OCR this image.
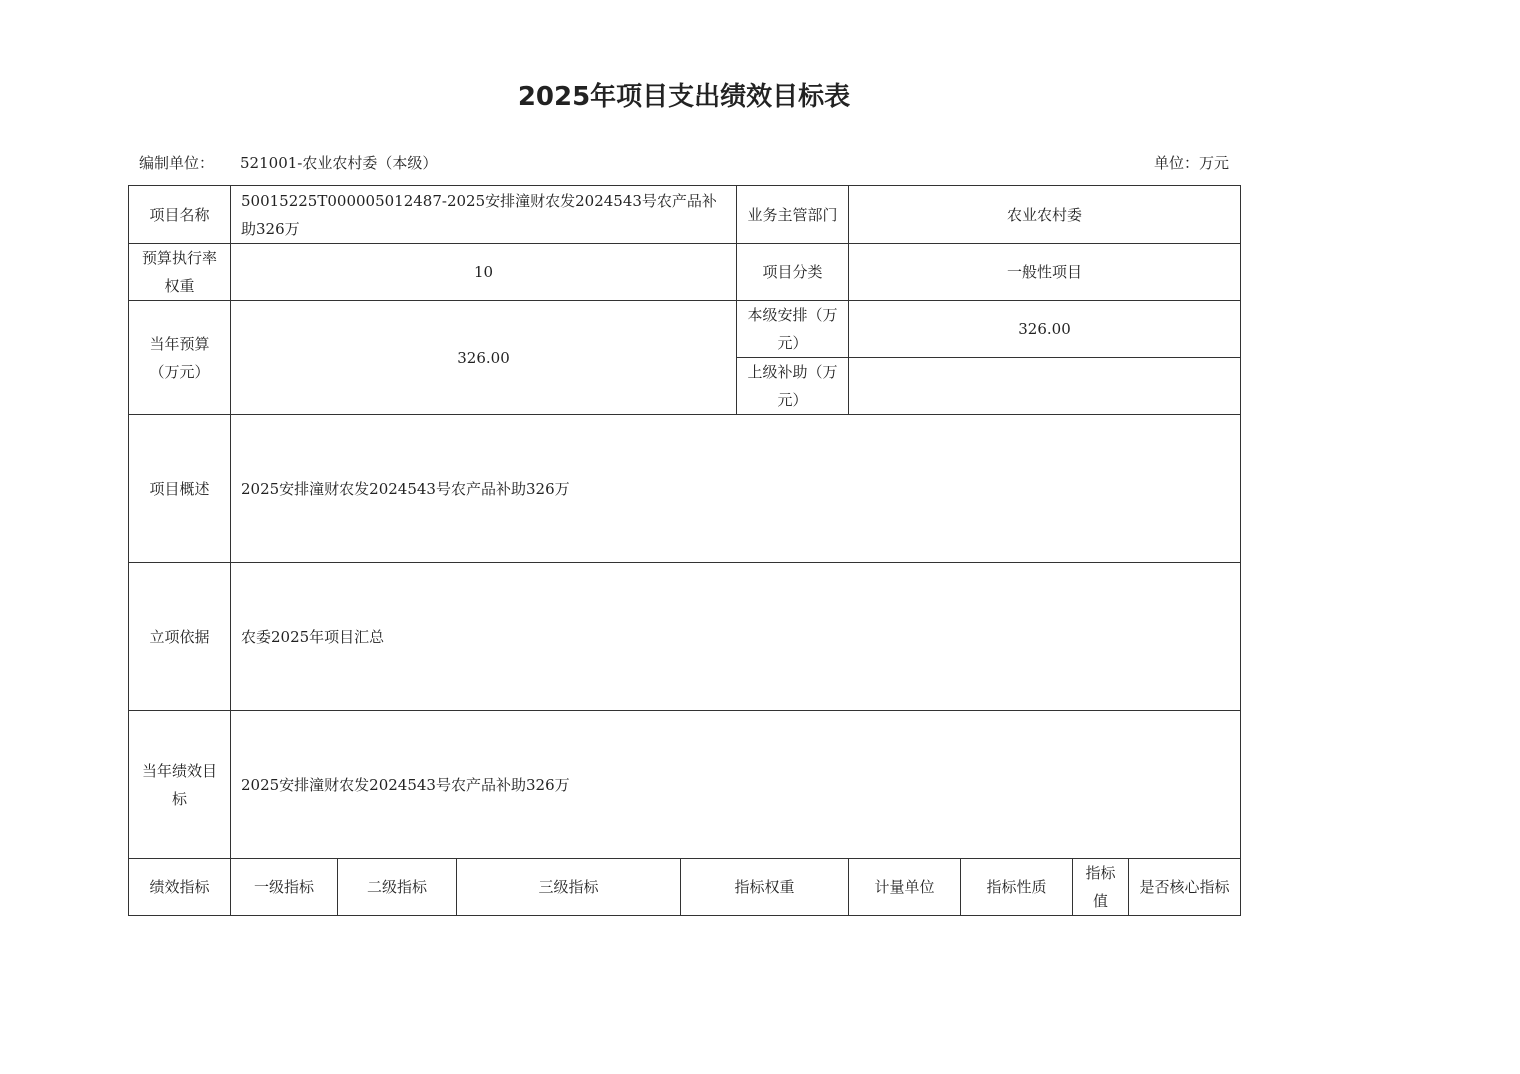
2025年项目支出绩效目标表
编制单位： 521001-农业农村委（本级）	单位：万元
项目名称	50015225T000005012487-2025安排潼财农发2024543号农产品补助326万				业务主管部门	农业农村委			
预算执行率权重	10				项目分类	一般性项目			
当年预算（万元）	326.00				本级安排（万元）	326.00			
					上级补助（万元）				
项目概述	2025安排潼财农发2024543号农产品补助326万								
立项依据	农委2025年项目汇总								
当年绩效目标	2025安排潼财农发2024543号农产品补助326万								
绩效指标	一级指标	二级指标	三级指标	指标权重		计量单位	指标性质	指标值	是否核心指标
